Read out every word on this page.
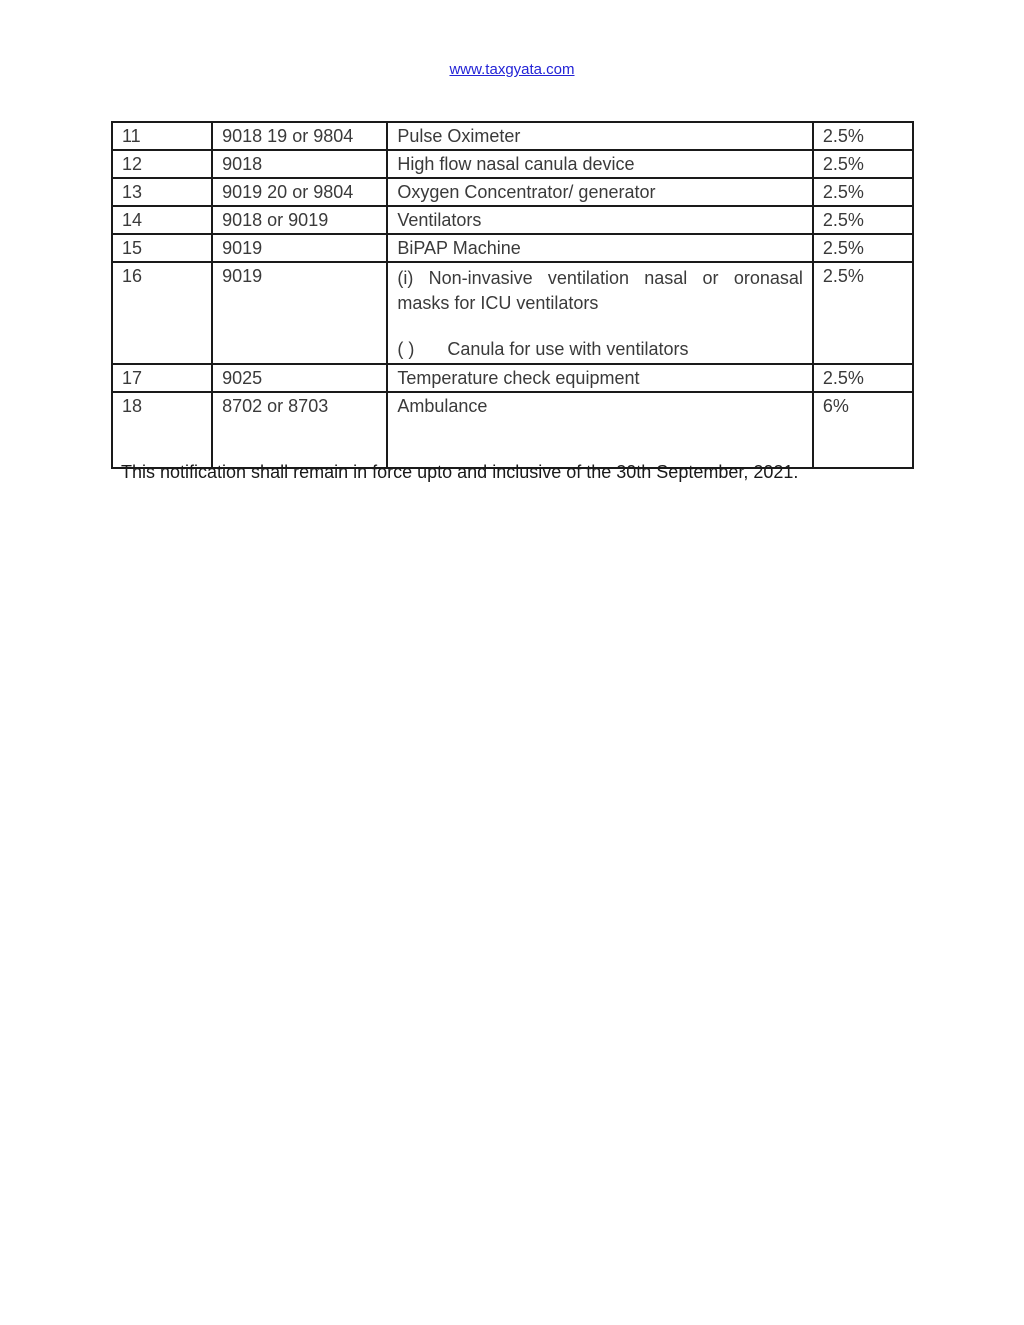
www.taxgyata.com
11	9018 19 or 9804	Pulse Oximeter	2.5%
12	9018	High flow nasal canula device	2.5%
13	9019 20 or 9804	Oxygen Concentrator/ generator	2.5%
14	9018 or 9019	Ventilators	2.5%
15	9019	BiPAP Machine	2.5%
16	9019	(i) Non-invasive ventilation nasal or oronasal masks for ICU ventilators
( ) Canula for use with ventilators	2.5%
17	9025	Temperature check equipment	2.5%
18	8702 or 8703	Ambulance	6%
This notification shall remain in force upto and inclusive of the 30th September, 2021.
